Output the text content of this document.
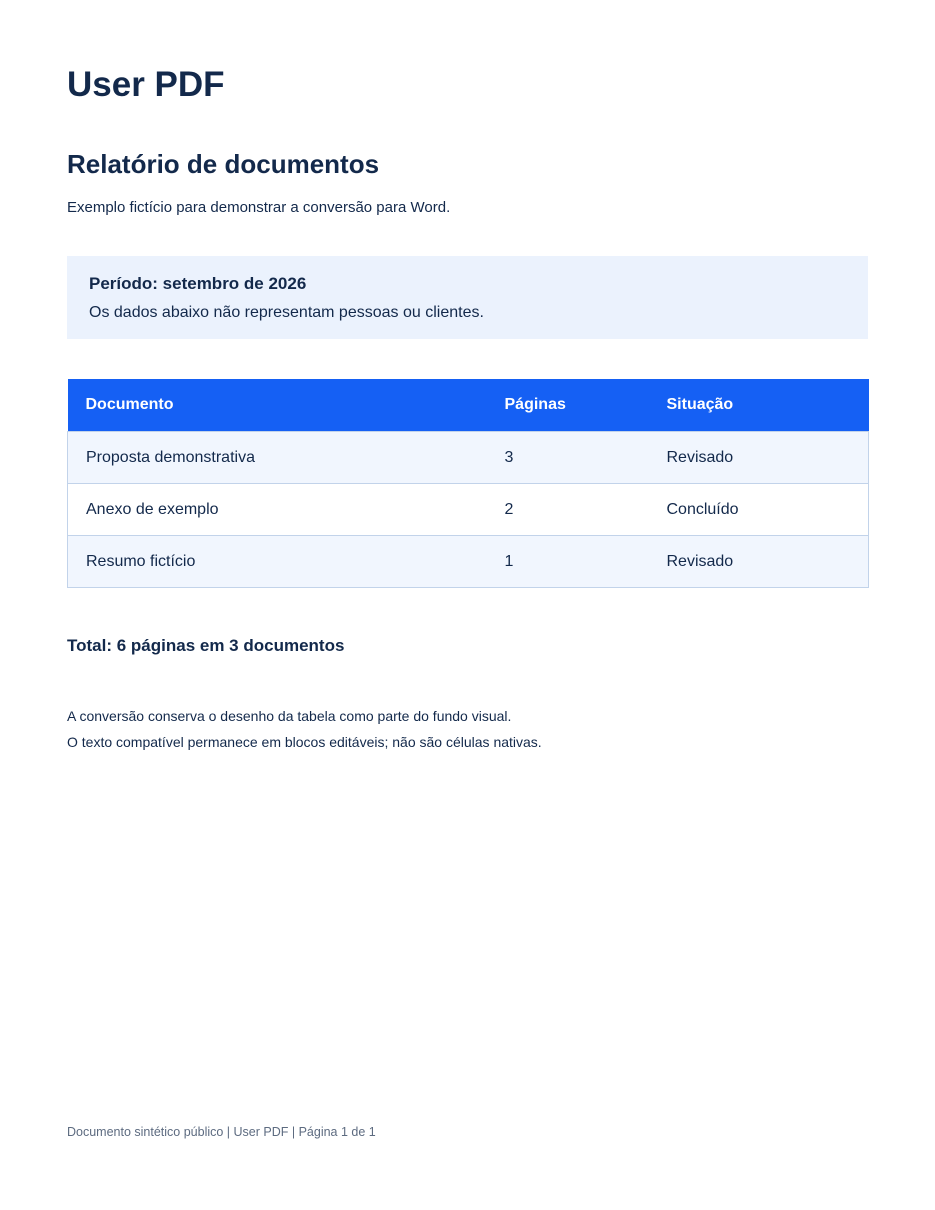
User PDF
Relatório de documentos
Exemplo fictício para demonstrar a conversão para Word.
Período: setembro de 2026
Os dados abaixo não representam pessoas ou clientes.
Documento	Páginas	Situação
Proposta demonstrativa	3	Revisado
Anexo de exemplo	2	Concluído
Resumo fictício	1	Revisado
Total: 6 páginas em 3 documentos
A conversão conserva o desenho da tabela como parte do fundo visual.
O texto compatível permanece em blocos editáveis; não são células nativas.
Documento sintético público | User PDF | Página 1 de 1
